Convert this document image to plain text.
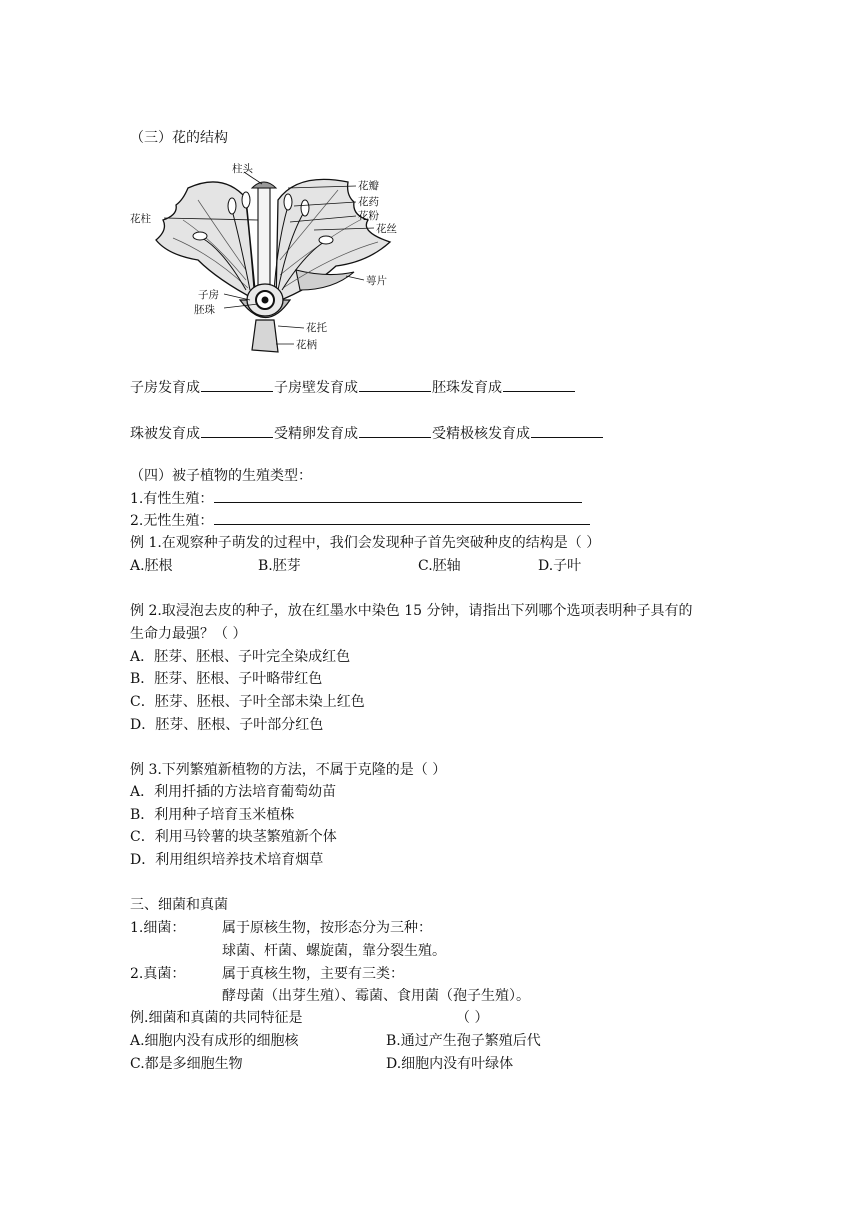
（三）花的结构
柱头
花瓣
花药
花粉
花丝
花柱
萼片
子房
胚珠
花托
花柄
子房发育成	子房壁发育成	胚珠发育成
珠被发育成	受精卵发育成	受精极核发育成
（四）被子植物的生殖类型：
1.有性生殖：
2.无性生殖：
例 1.在观察种子萌发的过程中，我们会发现种子首先突破种皮的结构是（ ）
A.胚根	B.胚芽	C.胚轴	D.子叶
例 2.取浸泡去皮的种子，放在红墨水中染色 15 分钟，请指出下列哪个选项表明种子具有的
生命力最强？（ ）
A．胚芽、胚根、子叶完全染成红色
B．胚芽、胚根、子叶略带红色
C．胚芽、胚根、子叶全部未染上红色
D．胚芽、胚根、子叶部分红色
例 3.下列繁殖新植物的方法，不属于克隆的是（ ）
A．利用扦插的方法培育葡萄幼苗
B．利用种子培育玉米植株
C．利用马铃薯的块茎繁殖新个体
D．利用组织培养技术培育烟草
三、细菌和真菌
1.细菌：	属于原核生物，按形态分为三种：
球菌、杆菌、螺旋菌，靠分裂生殖。
2.真菌：	属于真核生物，主要有三类：
酵母菌（出芽生殖）、霉菌、食用菌（孢子生殖）。
例.细菌和真菌的共同特征是	（ ）
A.细胞内没有成形的细胞核	B.通过产生孢子繁殖后代
C.都是多细胞生物	D.细胞内没有叶绿体
